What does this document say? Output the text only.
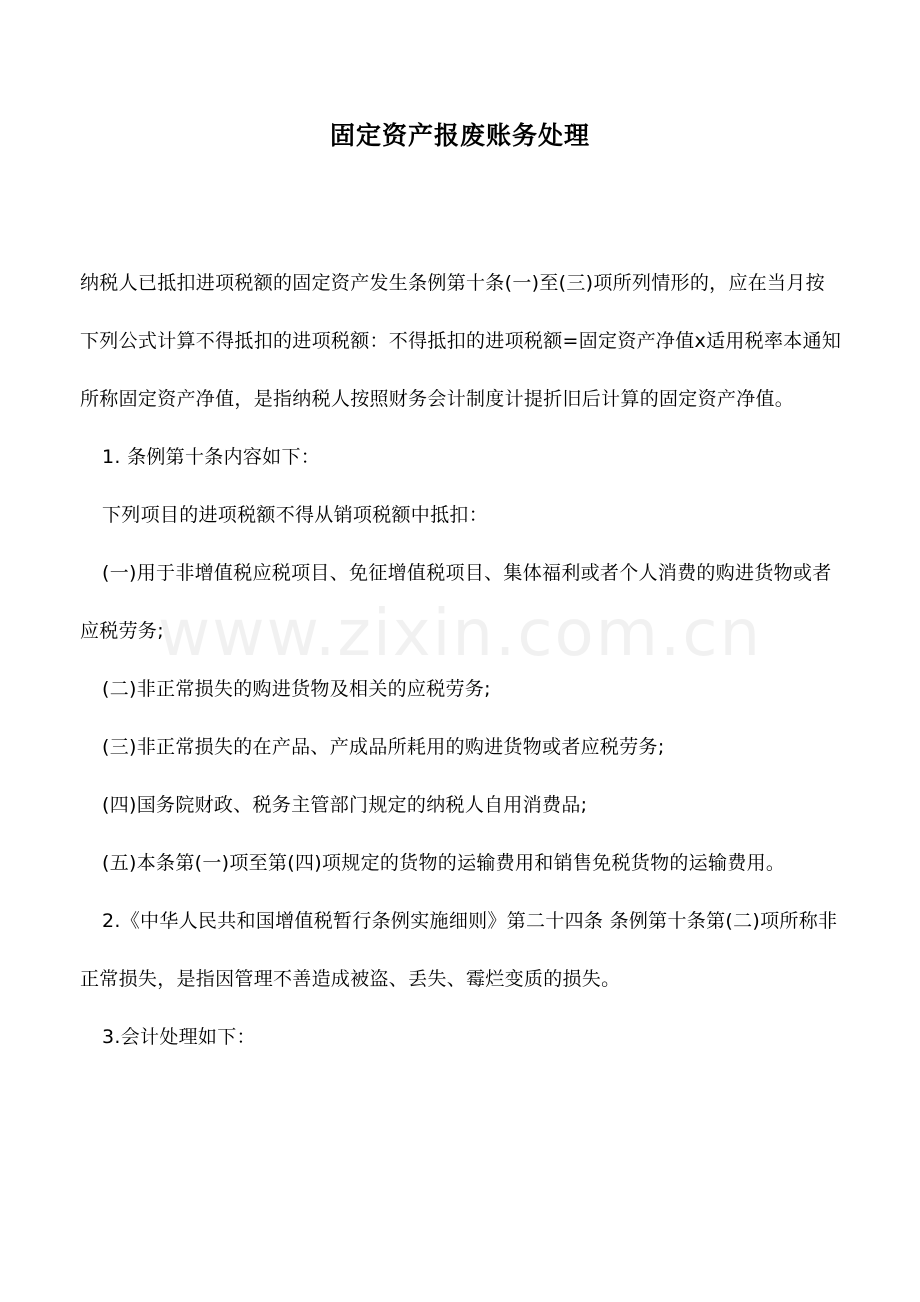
www.zixin.com.cn
固定资产报废账务处理

纳税人已抵扣进项税额的固定资产发生条例第十条(一)至(三)项所列情形的，应在当月按下列公式计算不得抵扣的进项税额：不得抵扣的进项税额=固定资产净值x适用税率本通知所称固定资产净值，是指纳税人按照财务会计制度计提折旧后计算的固定资产净值。

1. 条例第十条内容如下：

下列项目的进项税额不得从销项税额中抵扣：

(一)用于非增值税应税项目、免征增值税项目、集体福利或者个人消费的购进货物或者应税劳务;

(二)非正常损失的购进货物及相关的应税劳务;

(三)非正常损失的在产品、产成品所耗用的购进货物或者应税劳务;

(四)国务院财政、税务主管部门规定的纳税人自用消费品;

(五)本条第(一)项至第(四)项规定的货物的运输费用和销售免税货物的运输费用。

2.《中华人民共和国增值税暂行条例实施细则》第二十四条 条例第十条第(二)项所称非正常损失，是指因管理不善造成被盗、丢失、霉烂变质的损失。

3.会计处理如下：
